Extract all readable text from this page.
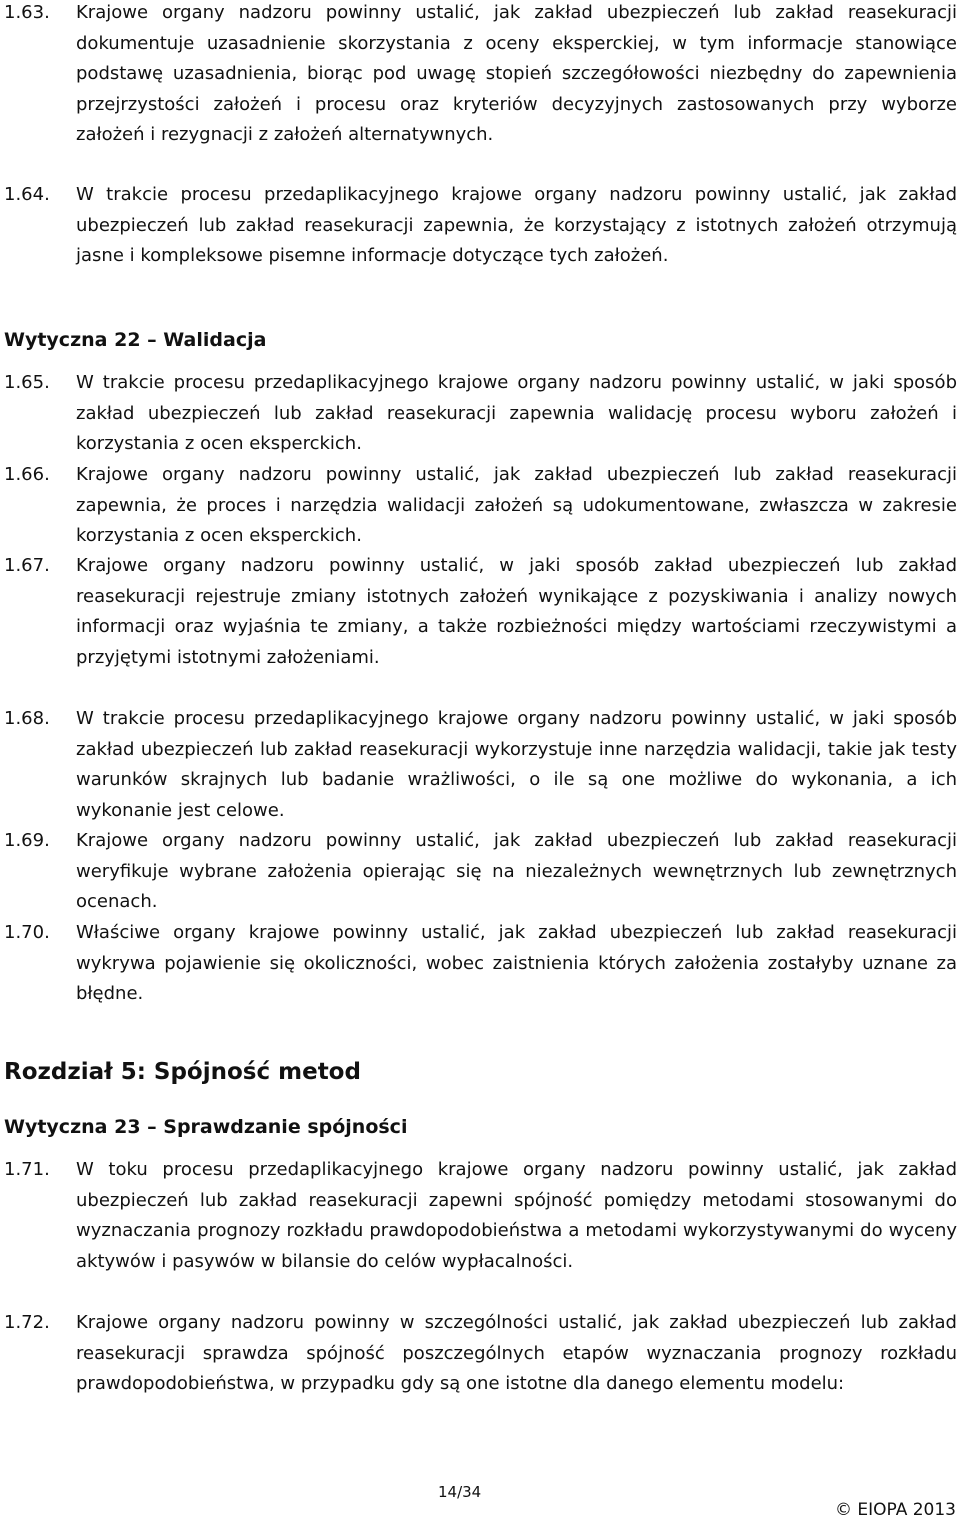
1.63.	Krajowe organy nadzoru powinny ustalić, jak zakład ubezpieczeń lub zakład reasekuracji dokumentuje uzasadnienie skorzystania z oceny eksperckiej, w tym informacje stanowiące podstawę uzasadnienia, biorąc pod uwagę stopień szczegółowości niezbędny do zapewnienia przejrzystości założeń i procesu oraz kryteriów decyzyjnych zastosowanych przy wyborze założeń i rezygnacji z założeń alternatywnych.
1.64.	W trakcie procesu przedaplikacyjnego krajowe organy nadzoru powinny ustalić, jak zakład ubezpieczeń lub zakład reasekuracji zapewnia, że korzystający z istotnych założeń otrzymują jasne i kompleksowe pisemne informacje dotyczące tych założeń.
Wytyczna 22 – Walidacja
1.65.	W trakcie procesu przedaplikacyjnego krajowe organy nadzoru powinny ustalić, w jaki sposób zakład ubezpieczeń lub zakład reasekuracji zapewnia walidację procesu wyboru założeń i korzystania z ocen eksperckich.
1.66.	Krajowe organy nadzoru powinny ustalić, jak zakład ubezpieczeń lub zakład reasekuracji zapewnia, że proces i narzędzia walidacji założeń są udokumentowane, zwłaszcza w zakresie korzystania z ocen eksperckich.
1.67.	Krajowe organy nadzoru powinny ustalić, w jaki sposób zakład ubezpieczeń lub zakład reasekuracji rejestruje zmiany istotnych założeń wynikające z pozyskiwania i analizy nowych informacji oraz wyjaśnia te zmiany, a także rozbieżności między wartościami rzeczywistymi a przyjętymi istotnymi założeniami.
1.68.	W trakcie procesu przedaplikacyjnego krajowe organy nadzoru powinny ustalić, w jaki sposób zakład ubezpieczeń lub zakład reasekuracji wykorzystuje inne narzędzia walidacji, takie jak testy warunków skrajnych lub badanie wrażliwości, o ile są one możliwe do wykonania, a ich wykonanie jest celowe.
1.69.	Krajowe organy nadzoru powinny ustalić, jak zakład ubezpieczeń lub zakład reasekuracji weryfikuje wybrane założenia opierając się na niezależnych wewnętrznych lub zewnętrznych ocenach.
1.70.	Właściwe organy krajowe powinny ustalić, jak zakład ubezpieczeń lub zakład reasekuracji wykrywa pojawienie się okoliczności, wobec zaistnienia których założenia zostałyby uznane za błędne.
Rozdział 5: Spójność metod
Wytyczna 23 – Sprawdzanie spójności
1.71.	W toku procesu przedaplikacyjnego krajowe organy nadzoru powinny ustalić, jak zakład ubezpieczeń lub zakład reasekuracji zapewni spójność pomiędzy metodami stosowanymi do wyznaczania prognozy rozkładu prawdopodobieństwa a metodami wykorzystywanymi do wyceny aktywów i pasywów w bilansie do celów wypłacalności.
1.72.	Krajowe organy nadzoru powinny w szczególności ustalić, jak zakład ubezpieczeń lub zakład reasekuracji sprawdza spójność poszczególnych etapów wyznaczania prognozy rozkładu prawdopodobieństwa, w przypadku gdy są one istotne dla danego elementu modelu:
14/34
© EIOPA 2013
